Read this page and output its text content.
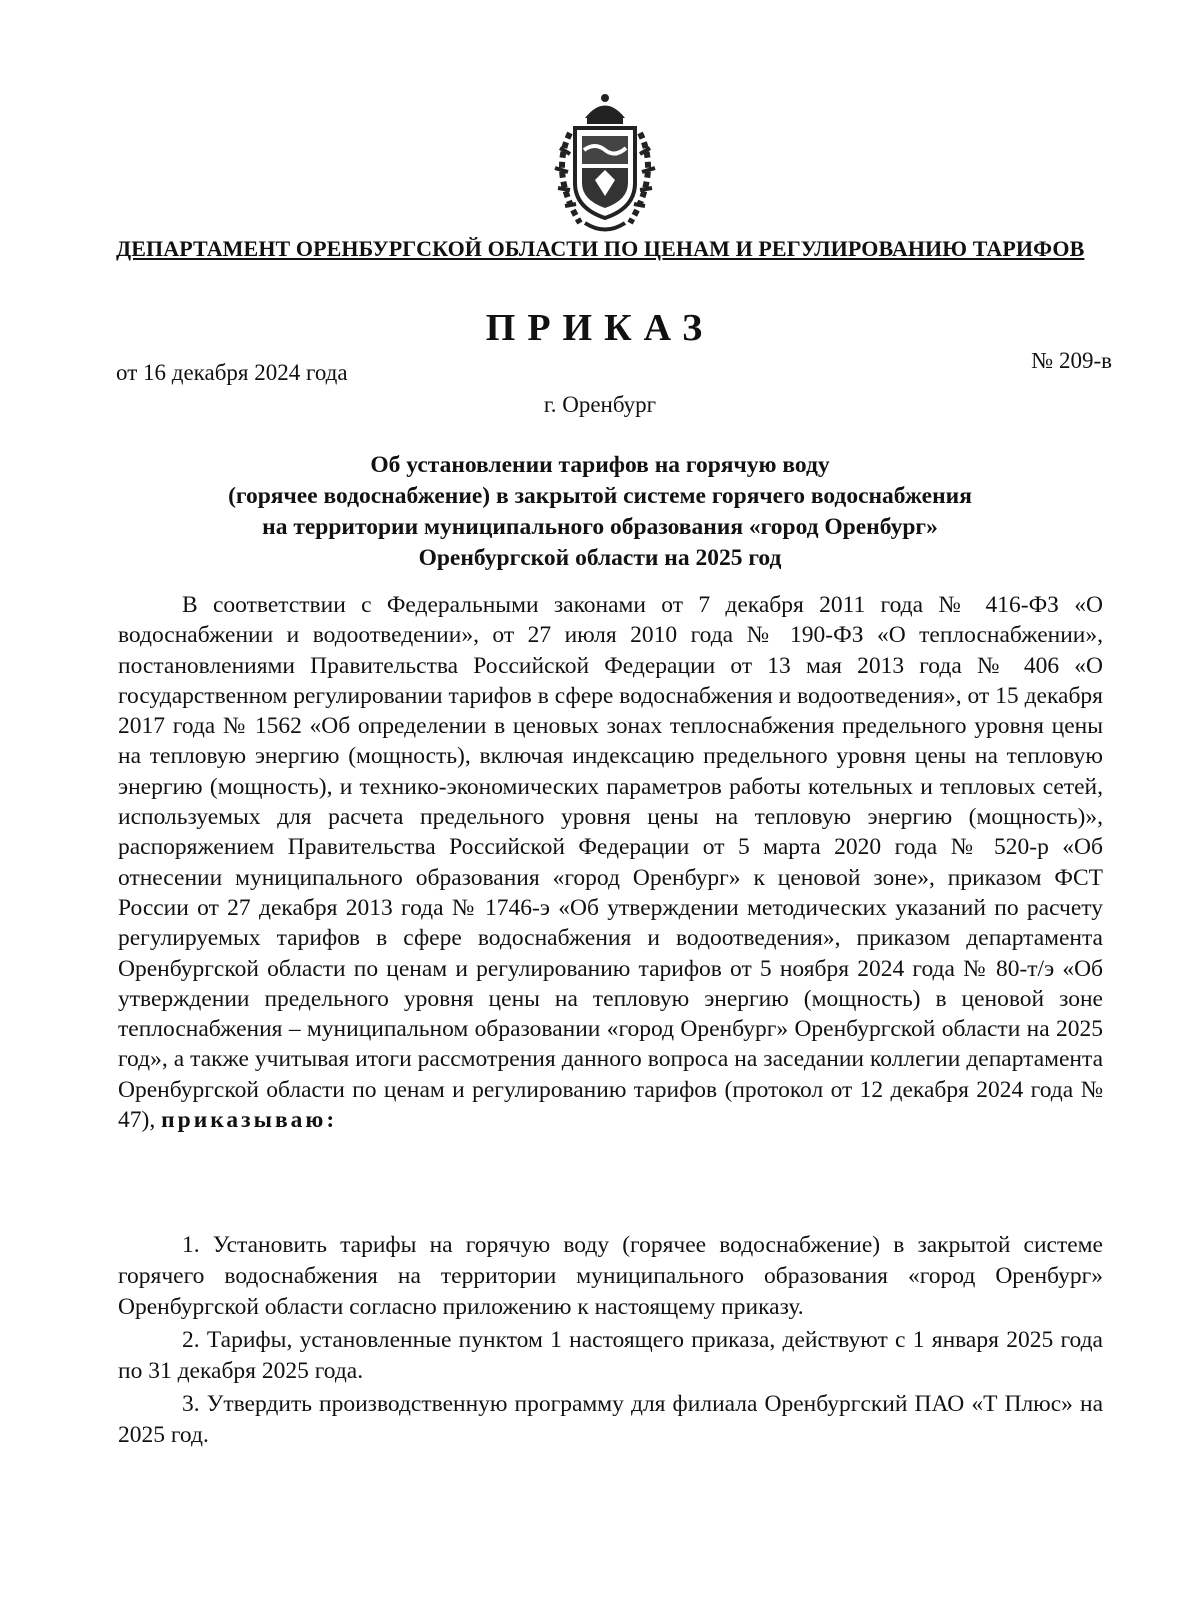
ДЕПАРТАМЕНТ ОРЕНБУРГСКОЙ ОБЛАСТИ ПО ЦЕНАМ И РЕГУЛИРОВАНИЮ ТАРИФОВ
ПРИКАЗ
от 16 декабря 2024 года	№ 209-в
г. Оренбург
Об установлении тарифов на горячую воду
(горячее водоснабжение) в закрытой системе горячего водоснабжения
на территории муниципального образования «город Оренбург»
Оренбургской области на 2025 год

В соответствии с Федеральными законами от 7 декабря 2011 года № 416-ФЗ «О водоснабжении и водоотведении», от 27 июля 2010 года № 190-ФЗ «О теплоснабжении», постановлениями Правительства Российской Федерации от 13 мая 2013 года № 406 «О государственном регулировании тарифов в сфере водоснабжения и водоотведения», от 15 декабря 2017 года № 1562 «Об определении в ценовых зонах теплоснабжения предельного уровня цены на тепловую энергию (мощность), включая индексацию предельного уровня цены на тепловую энергию (мощность), и технико-экономических параметров работы котельных и тепловых сетей, используемых для расчета предельного уровня цены на тепловую энергию (мощность)», распоряжением Правительства Российской Федерации от 5 марта 2020 года № 520-р «Об отнесении муниципального образования «город Оренбург» к ценовой зоне», приказом ФСТ России от 27 декабря 2013 года № 1746-э «Об утверждении методических указаний по расчету регулируемых тарифов в сфере водоснабжения и водоотведения», приказом департамента Оренбургской области по ценам и регулированию тарифов от 5 ноября 2024 года № 80-т/э «Об утверждении предельного уровня цены на тепловую энергию (мощность) в ценовой зоне теплоснабжения – муниципальном образовании «город Оренбург» Оренбургской области на 2025 год», а также учитывая итоги рассмотрения данного вопроса на заседании коллегии департамента Оренбургской области по ценам и регулированию тарифов (протокол от 12 декабря 2024 года № 47), приказываю:

1. Установить тарифы на горячую воду (горячее водоснабжение) в закрытой системе горячего водоснабжения на территории муниципального образования «город Оренбург» Оренбургской области согласно приложению к настоящему приказу.

2. Тарифы, установленные пунктом 1 настоящего приказа, действуют с 1 января 2025 года по 31 декабря 2025 года.

3. Утвердить производственную программу для филиала Оренбургский ПАО «Т Плюс» на 2025 год.
